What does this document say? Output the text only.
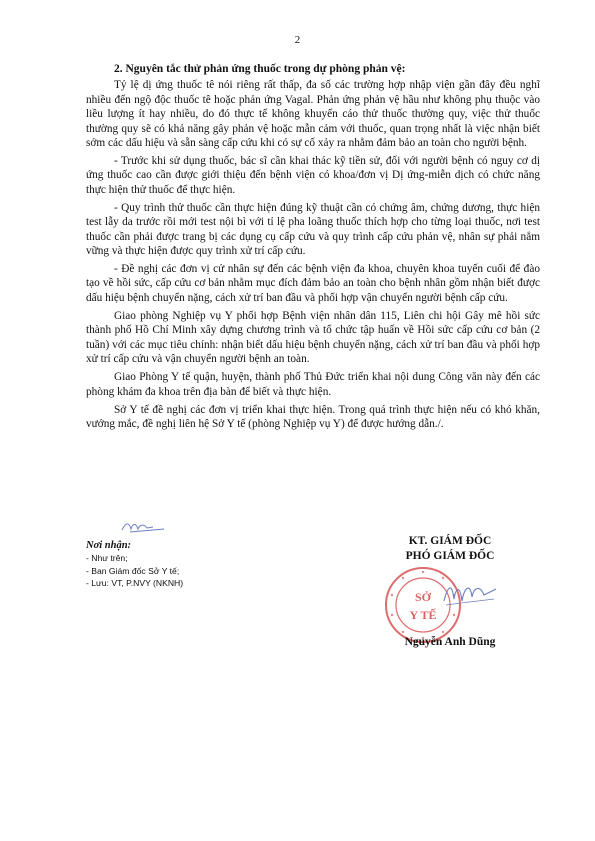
2
2. Nguyên tắc thử phản ứng thuốc trong dự phòng phản vệ:

Tỷ lệ dị ứng thuốc tê nói riêng rất thấp, đa số các trường hợp nhập viện gần đây đều nghĩ nhiều đến ngộ độc thuốc tê hoặc phản ứng Vagal. Phản ứng phản vệ hầu như không phụ thuộc vào liều lượng ít hay nhiều, do đó thực tế không khuyến cáo thử thuốc thường quy, việc thử thuốc thường quy sẽ có khả năng gây phản vệ hoặc mẫn cảm với thuốc, quan trọng nhất là việc nhận biết sớm các dấu hiệu và sẵn sàng cấp cứu khi có sự cố xảy ra nhằm đảm bảo an toàn cho người bệnh.

- Trước khi sử dụng thuốc, bác sĩ cần khai thác kỹ tiền sử, đối với người bệnh có nguy cơ dị ứng thuốc cao cần được giới thiệu đến bệnh viện có khoa/đơn vị Dị ứng-miễn dịch có chức năng thực hiện thử thuốc để thực hiện.

- Quy trình thử thuốc cần thực hiện đúng kỹ thuật cần có chứng âm, chứng dương, thực hiện test lẫy da trước rồi mới test nội bì với tỉ lệ pha loãng thuốc thích hợp cho từng loại thuốc, nơi test thuốc cần phải được trang bị các dụng cụ cấp cứu và quy trình cấp cứu phản vệ, nhân sự phải nắm vững và thực hiện được quy trình xử trí cấp cứu.

- Đề nghị các đơn vị cử nhân sự đến các bệnh viện đa khoa, chuyên khoa tuyến cuối để đào tạo về hồi sức, cấp cứu cơ bản nhằm mục đích đảm bảo an toàn cho bệnh nhân gồm nhận biết được dấu hiệu bệnh chuyển nặng, cách xử trí ban đầu và phối hợp vận chuyển người bệnh cấp cứu.

Giao phòng Nghiệp vụ Y phối hợp Bệnh viện nhân dân 115, Liên chi hội Gây mê hồi sức thành phố Hồ Chí Minh xây dựng chương trình và tổ chức tập huấn về Hồi sức cấp cứu cơ bản (2 tuần) với các mục tiêu chính: nhận biết dấu hiệu bệnh chuyển nặng, cách xử trí ban đầu và phối hợp xử trí cấp cứu và vận chuyển người bệnh an toàn.

Giao Phòng Y tế quận, huyện, thành phố Thủ Đức triển khai nội dung Công văn này đến các phòng khám đa khoa trên địa bàn để biết và thực hiện.

Sở Y tế đề nghị các đơn vị triển khai thực hiện. Trong quá trình thực hiện nếu có khó khăn, vướng mắc, đề nghị liên hệ Sở Y tế (phòng Nghiệp vụ Y) để được hướng dẫn./.

Nơi nhận:
- Như trên;
- Ban Giám đốc Sở Y tế;
- Lưu: VT, P.NVY (NKNH)
KT. GIÁM ĐỐC
PHÓ GIÁM ĐỐC
SỞ
Y TẾ
Nguyễn Anh Dũng
